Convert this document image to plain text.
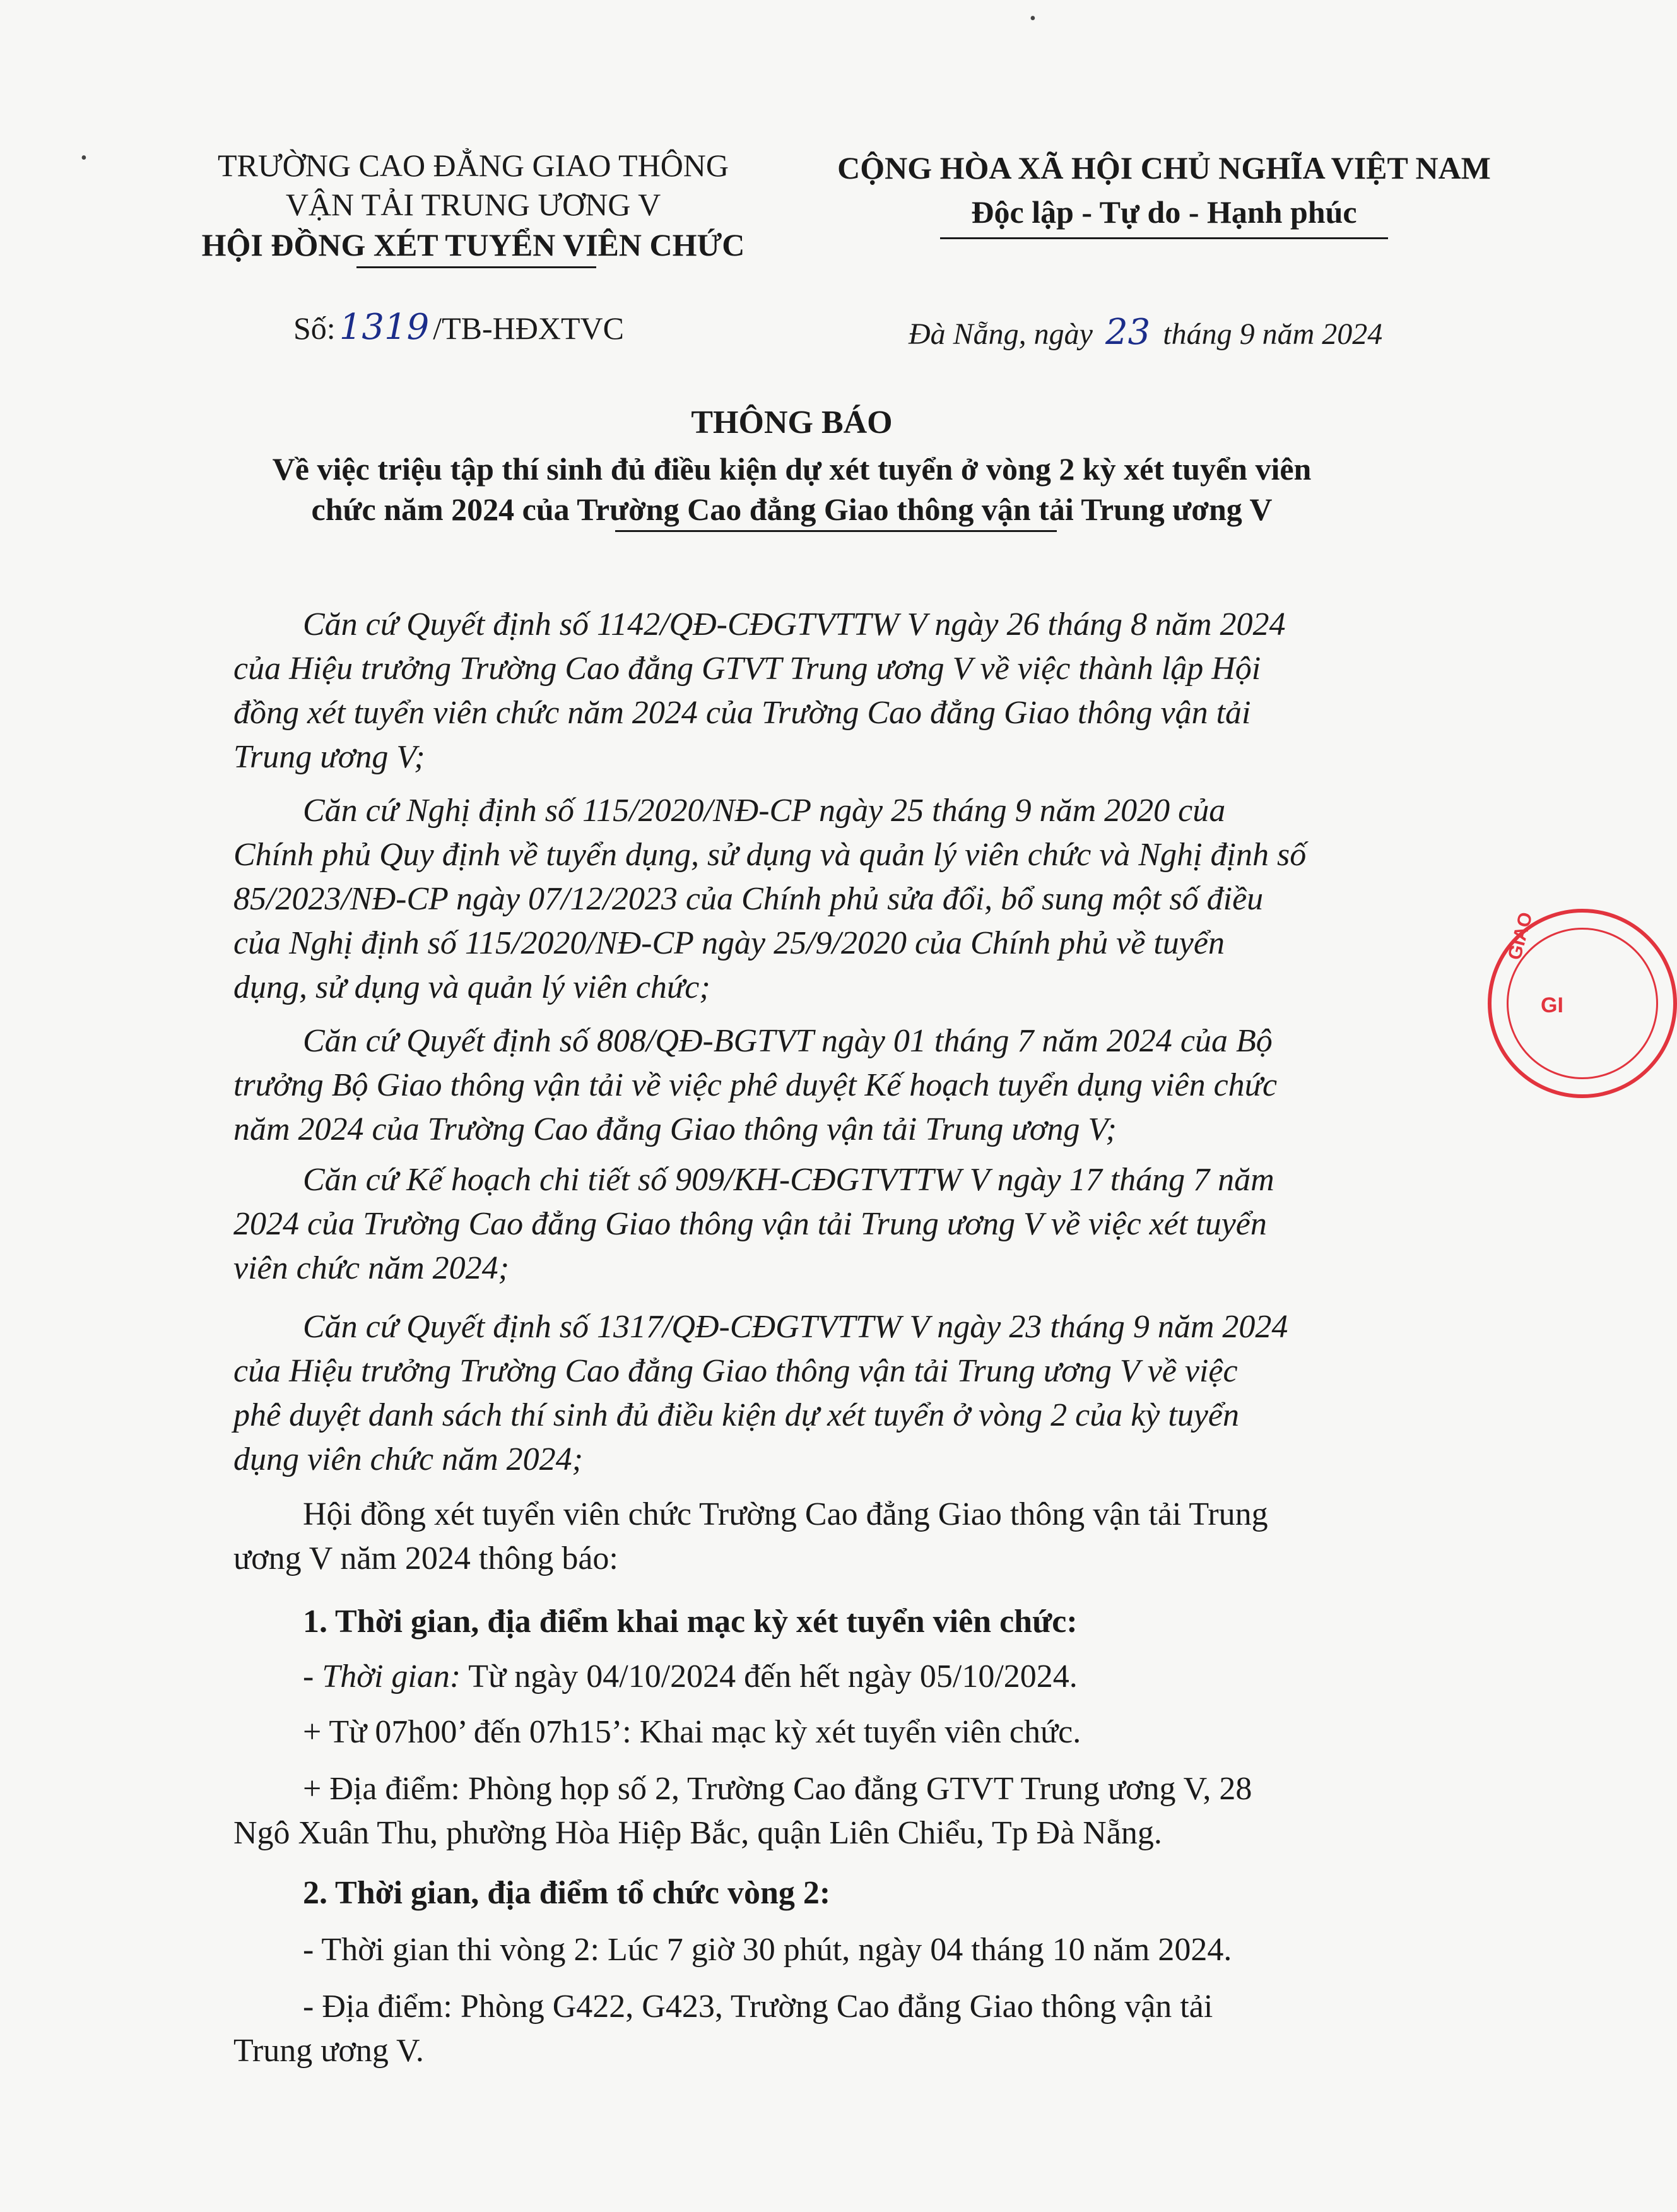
•
•
TRƯỜNG CAO ĐẲNG GIAO THÔNG
VẬN TẢI TRUNG ƯƠNG V
HỘI ĐỒNG XÉT TUYỂN VIÊN CHỨC
CỘNG HÒA XÃ HỘI CHỦ NGHĨA VIỆT NAM
Độc lập - Tự do - Hạnh phúc
Số: 1319 /TB-HĐXTVC	Đà Nẵng, ngày 23 tháng 9 năm 2024
THÔNG BÁO
Về việc triệu tập thí sinh đủ điều kiện dự xét tuyển ở vòng 2 kỳ xét tuyển viên
chức năm 2024 của Trường Cao đẳng Giao thông vận tải Trung ương V
Căn cứ Quyết định số 1142/QĐ-CĐGTVTTW V ngày 26 tháng 8 năm 2024
của Hiệu trưởng Trường Cao đẳng GTVT Trung ương V về việc thành lập Hội
đồng xét tuyển viên chức năm 2024 của Trường Cao đẳng Giao thông vận tải
Trung ương V;
Căn cứ Nghị định số 115/2020/NĐ-CP ngày 25 tháng 9 năm 2020 của
Chính phủ Quy định về tuyển dụng, sử dụng và quản lý viên chức và Nghị định số
85/2023/NĐ-CP ngày 07/12/2023 của Chính phủ sửa đổi, bổ sung một số điều
của Nghị định số 115/2020/NĐ-CP ngày 25/9/2020 của Chính phủ về tuyển
dụng, sử dụng và quản lý viên chức;
Căn cứ Quyết định số 808/QĐ-BGTVT ngày 01 tháng 7 năm 2024 của Bộ
trưởng Bộ Giao thông vận tải về việc phê duyệt Kế hoạch tuyển dụng viên chức
năm 2024 của Trường Cao đẳng Giao thông vận tải Trung ương V;
Căn cứ Kế hoạch chi tiết số 909/KH-CĐGTVTTW V ngày 17 tháng 7 năm
2024 của Trường Cao đẳng Giao thông vận tải Trung ương V về việc xét tuyển
viên chức năm 2024;
Căn cứ Quyết định số 1317/QĐ-CĐGTVTTW V ngày 23 tháng 9 năm 2024
của Hiệu trưởng Trường Cao đẳng Giao thông vận tải Trung ương V về việc
phê duyệt danh sách thí sinh đủ điều kiện dự xét tuyển ở vòng 2 của kỳ tuyển
dụng viên chức năm 2024;
Hội đồng xét tuyển viên chức Trường Cao đẳng Giao thông vận tải Trung
ương V năm 2024 thông báo:
1. Thời gian, địa điểm khai mạc kỳ xét tuyển viên chức:
- Thời gian: Từ ngày 04/10/2024 đến hết ngày 05/10/2024.
+ Từ 07h00’ đến 07h15’: Khai mạc kỳ xét tuyển viên chức.
+ Địa điểm: Phòng họp số 2, Trường Cao đẳng GTVT Trung ương V, 28
Ngô Xuân Thu, phường Hòa Hiệp Bắc, quận Liên Chiểu, Tp Đà Nẵng.
2. Thời gian, địa điểm tổ chức vòng 2:
- Thời gian thi vòng 2: Lúc 7 giờ 30 phút, ngày 04 tháng 10 năm 2024.
- Địa điểm: Phòng G422, G423, Trường Cao đẳng Giao thông vận tải
Trung ương V.
GIAO
GI
